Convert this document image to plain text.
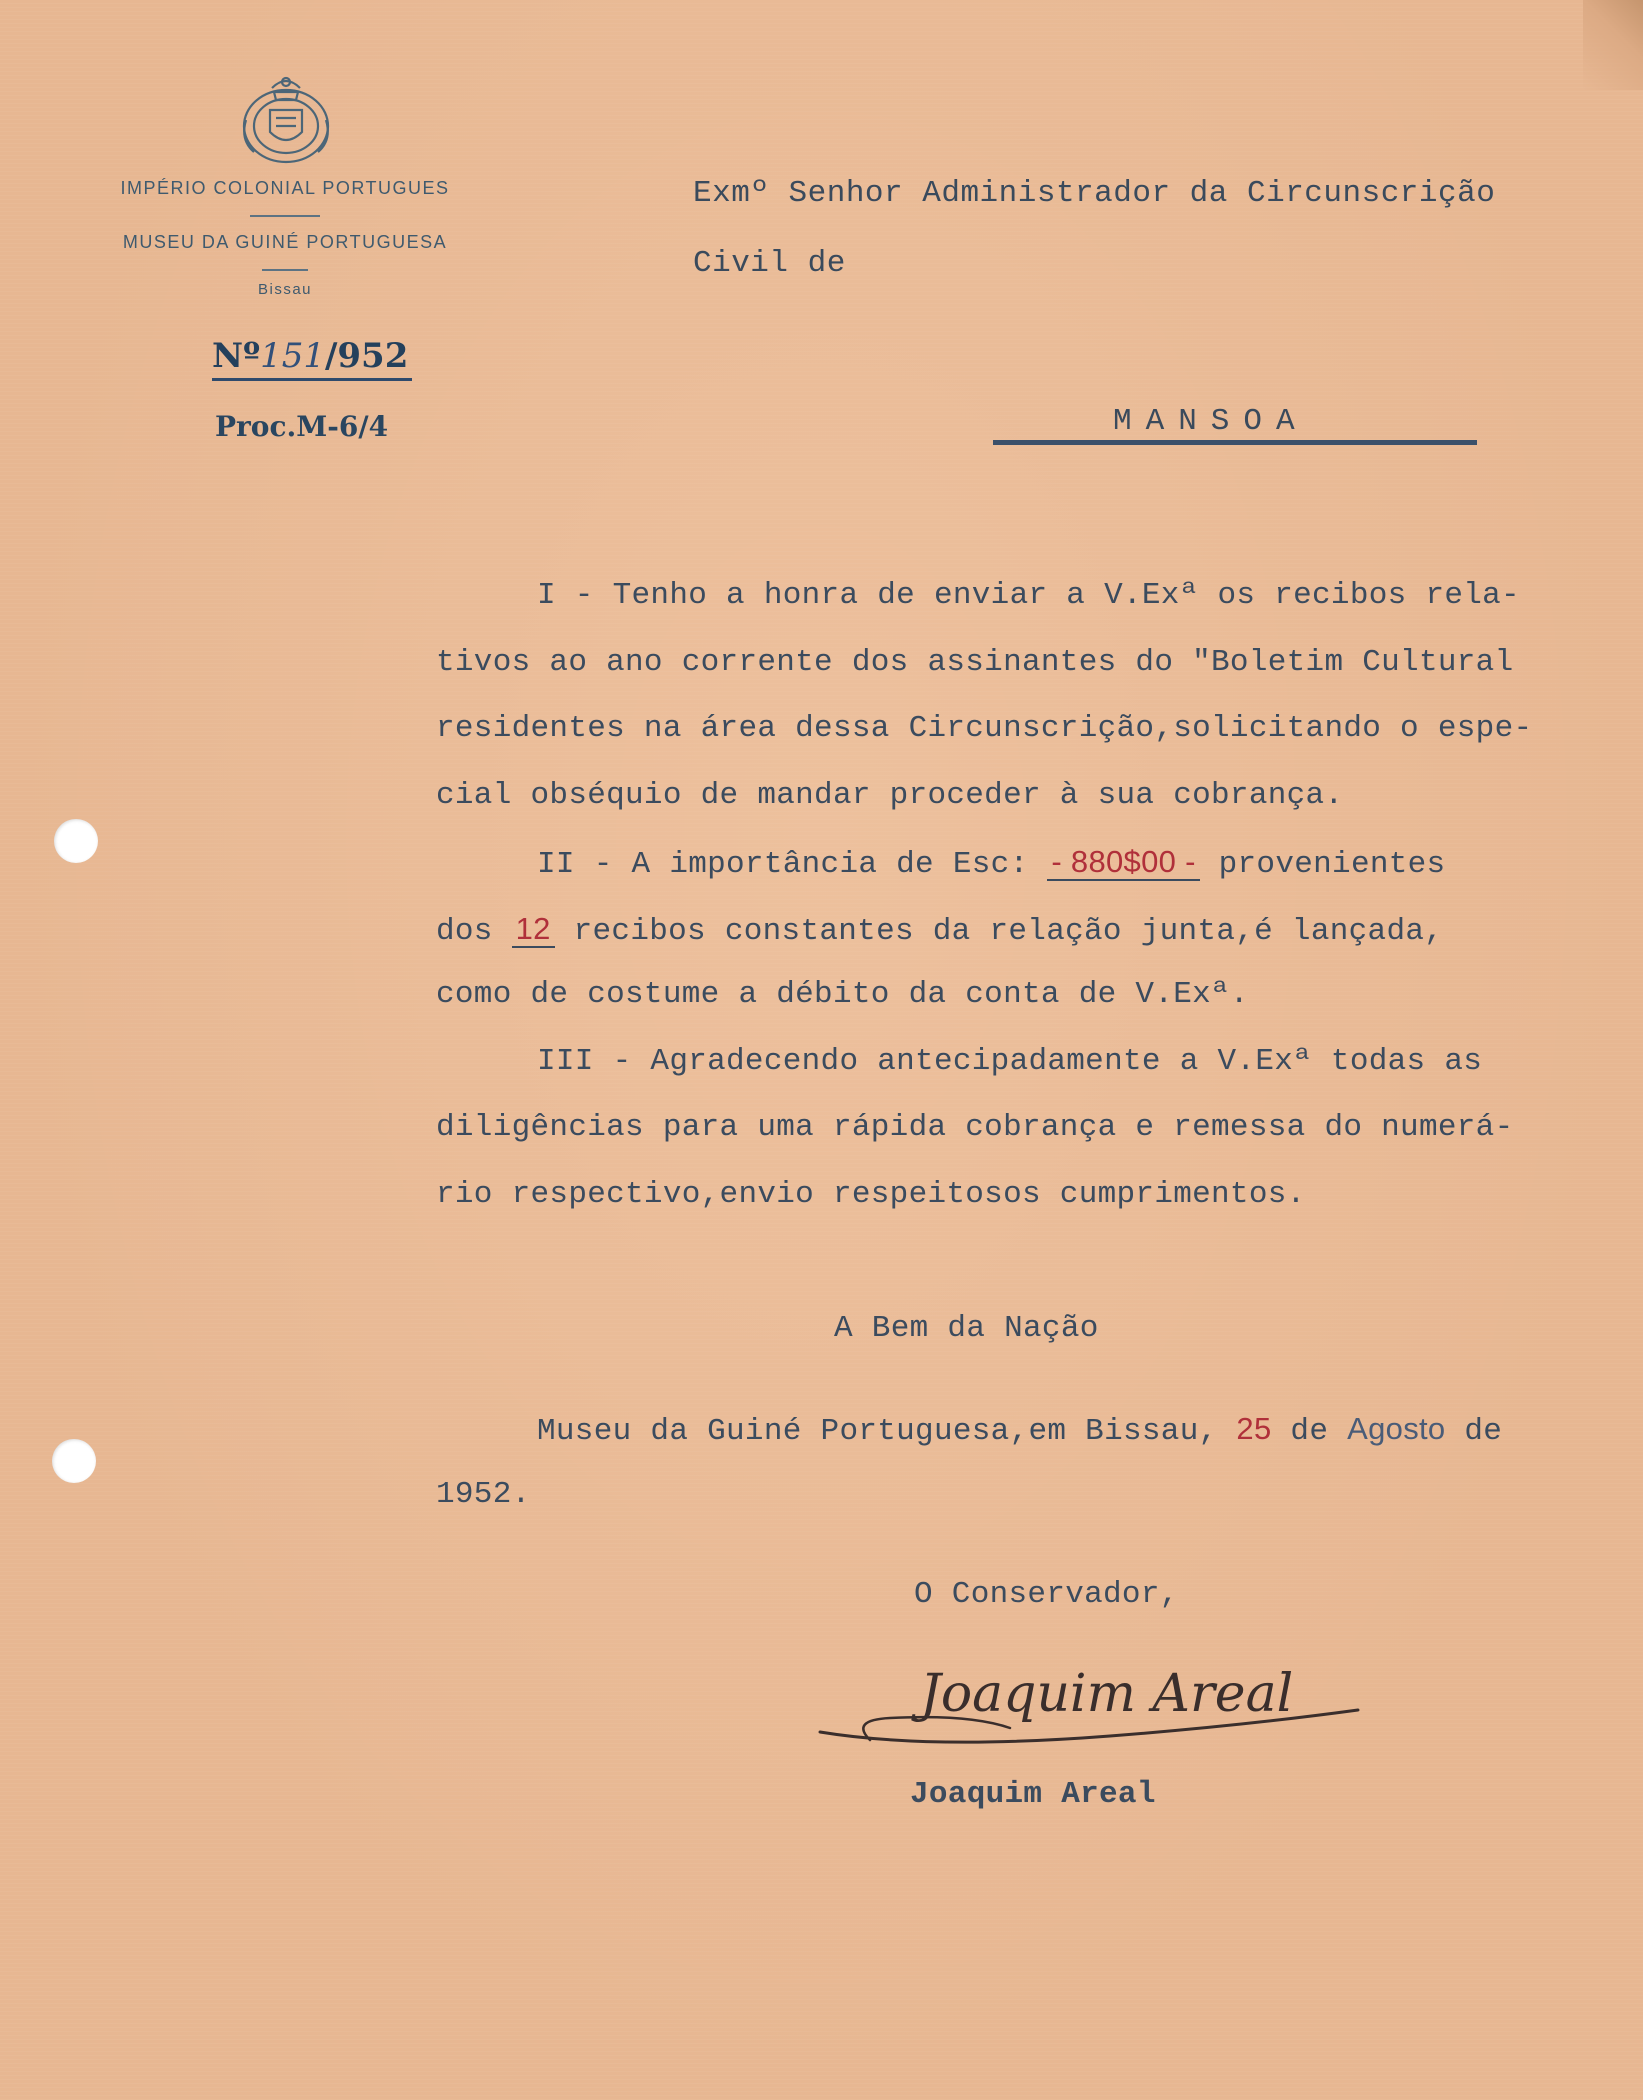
IMPÉRIO COLONIAL PORTUGUES
MUSEU DA GUINÉ PORTUGUESA
Bissau
Nº151/952
Proc.M-6/4
Exmº Senhor Administrador da Circunscrição
Civil de
MANSOA
I - Tenho a honra de enviar a V.Exª os recibos rela-
tivos ao ano corrente dos assinantes do "Boletim Cultural
residentes na área dessa Circunscrição,solicitando o espe-
cial obséquio de mandar proceder à sua cobrança.
II - A importância de Esc: - 880$00 - provenientes
dos 12 recibos constantes da relação junta,é lançada,
como de costume a débito da conta de V.Exª.
III - Agradecendo antecipadamente a V.Exª todas as
diligências para uma rápida cobrança e remessa do numerá-
rio respectivo,envio respeitosos cumprimentos.
A Bem da Nação
Museu da Guiné Portuguesa,em Bissau, 25 de Agosto de
1952.
O Conservador,
Joaquim Areal
Joaquim Areal
